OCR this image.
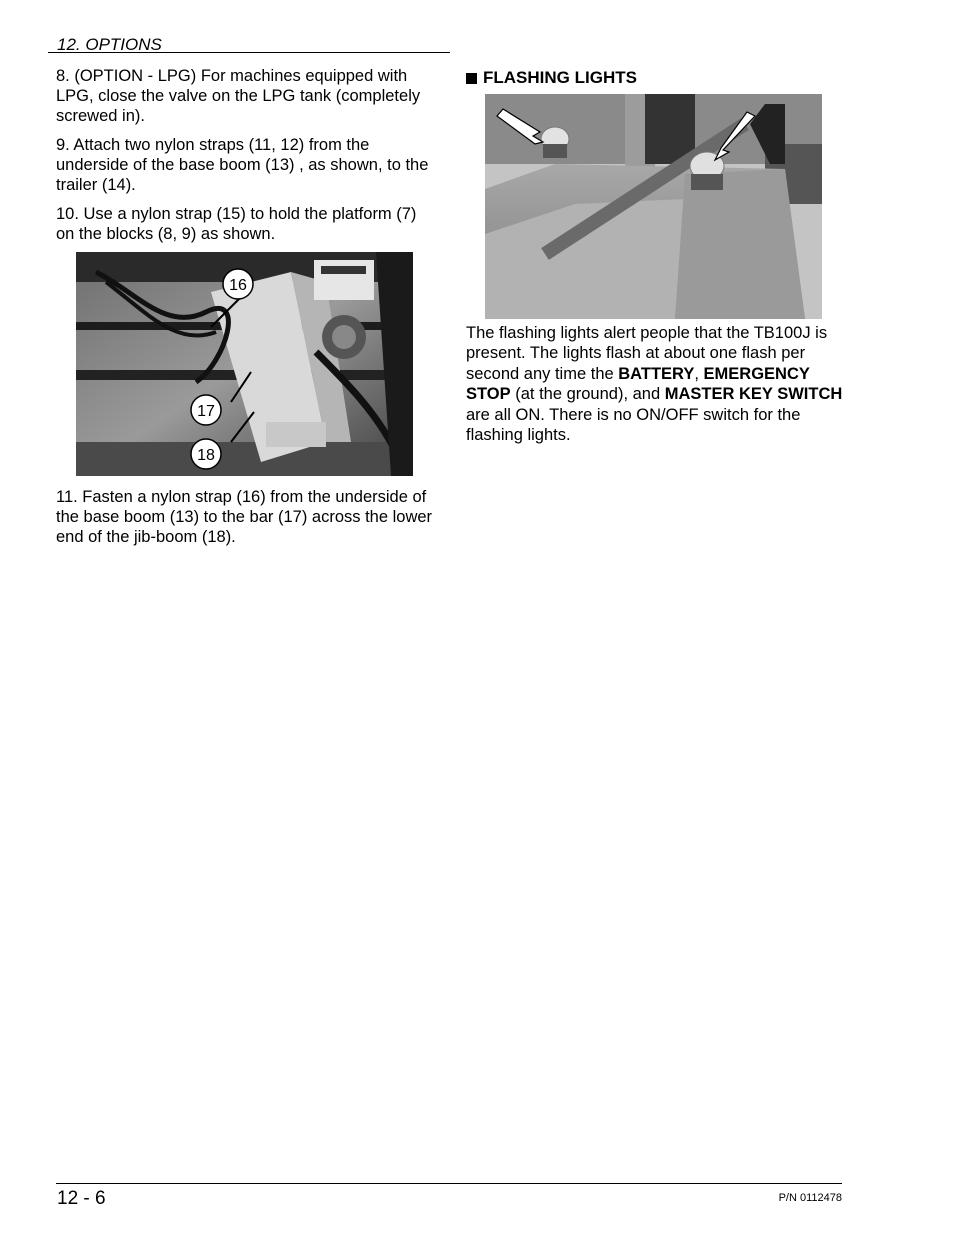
12. OPTIONS

8. (OPTION - LPG) For machines equipped with LPG, close the valve on the LPG tank (completely screwed in).

9. Attach two nylon straps (11, 12) from the underside of the base boom (13) , as shown, to the trailer (14).

10. Use a nylon strap (15) to hold the platform (7) on the blocks (8, 9) as shown.

16
17
18

11. Fasten a nylon strap (16) from the underside of the base boom (13) to the bar (17) across the lower end of the jib-boom (18).

FLASHING LIGHTS
The flashing lights alert people that the TB100J is present. The lights flash at about one flash per second any time the BATTERY, EMERGENCY STOP (at the ground), and MASTER KEY SWITCH are all ON. There is no ON/OFF switch for the flashing lights.
12 - 6	P/N 0112478
